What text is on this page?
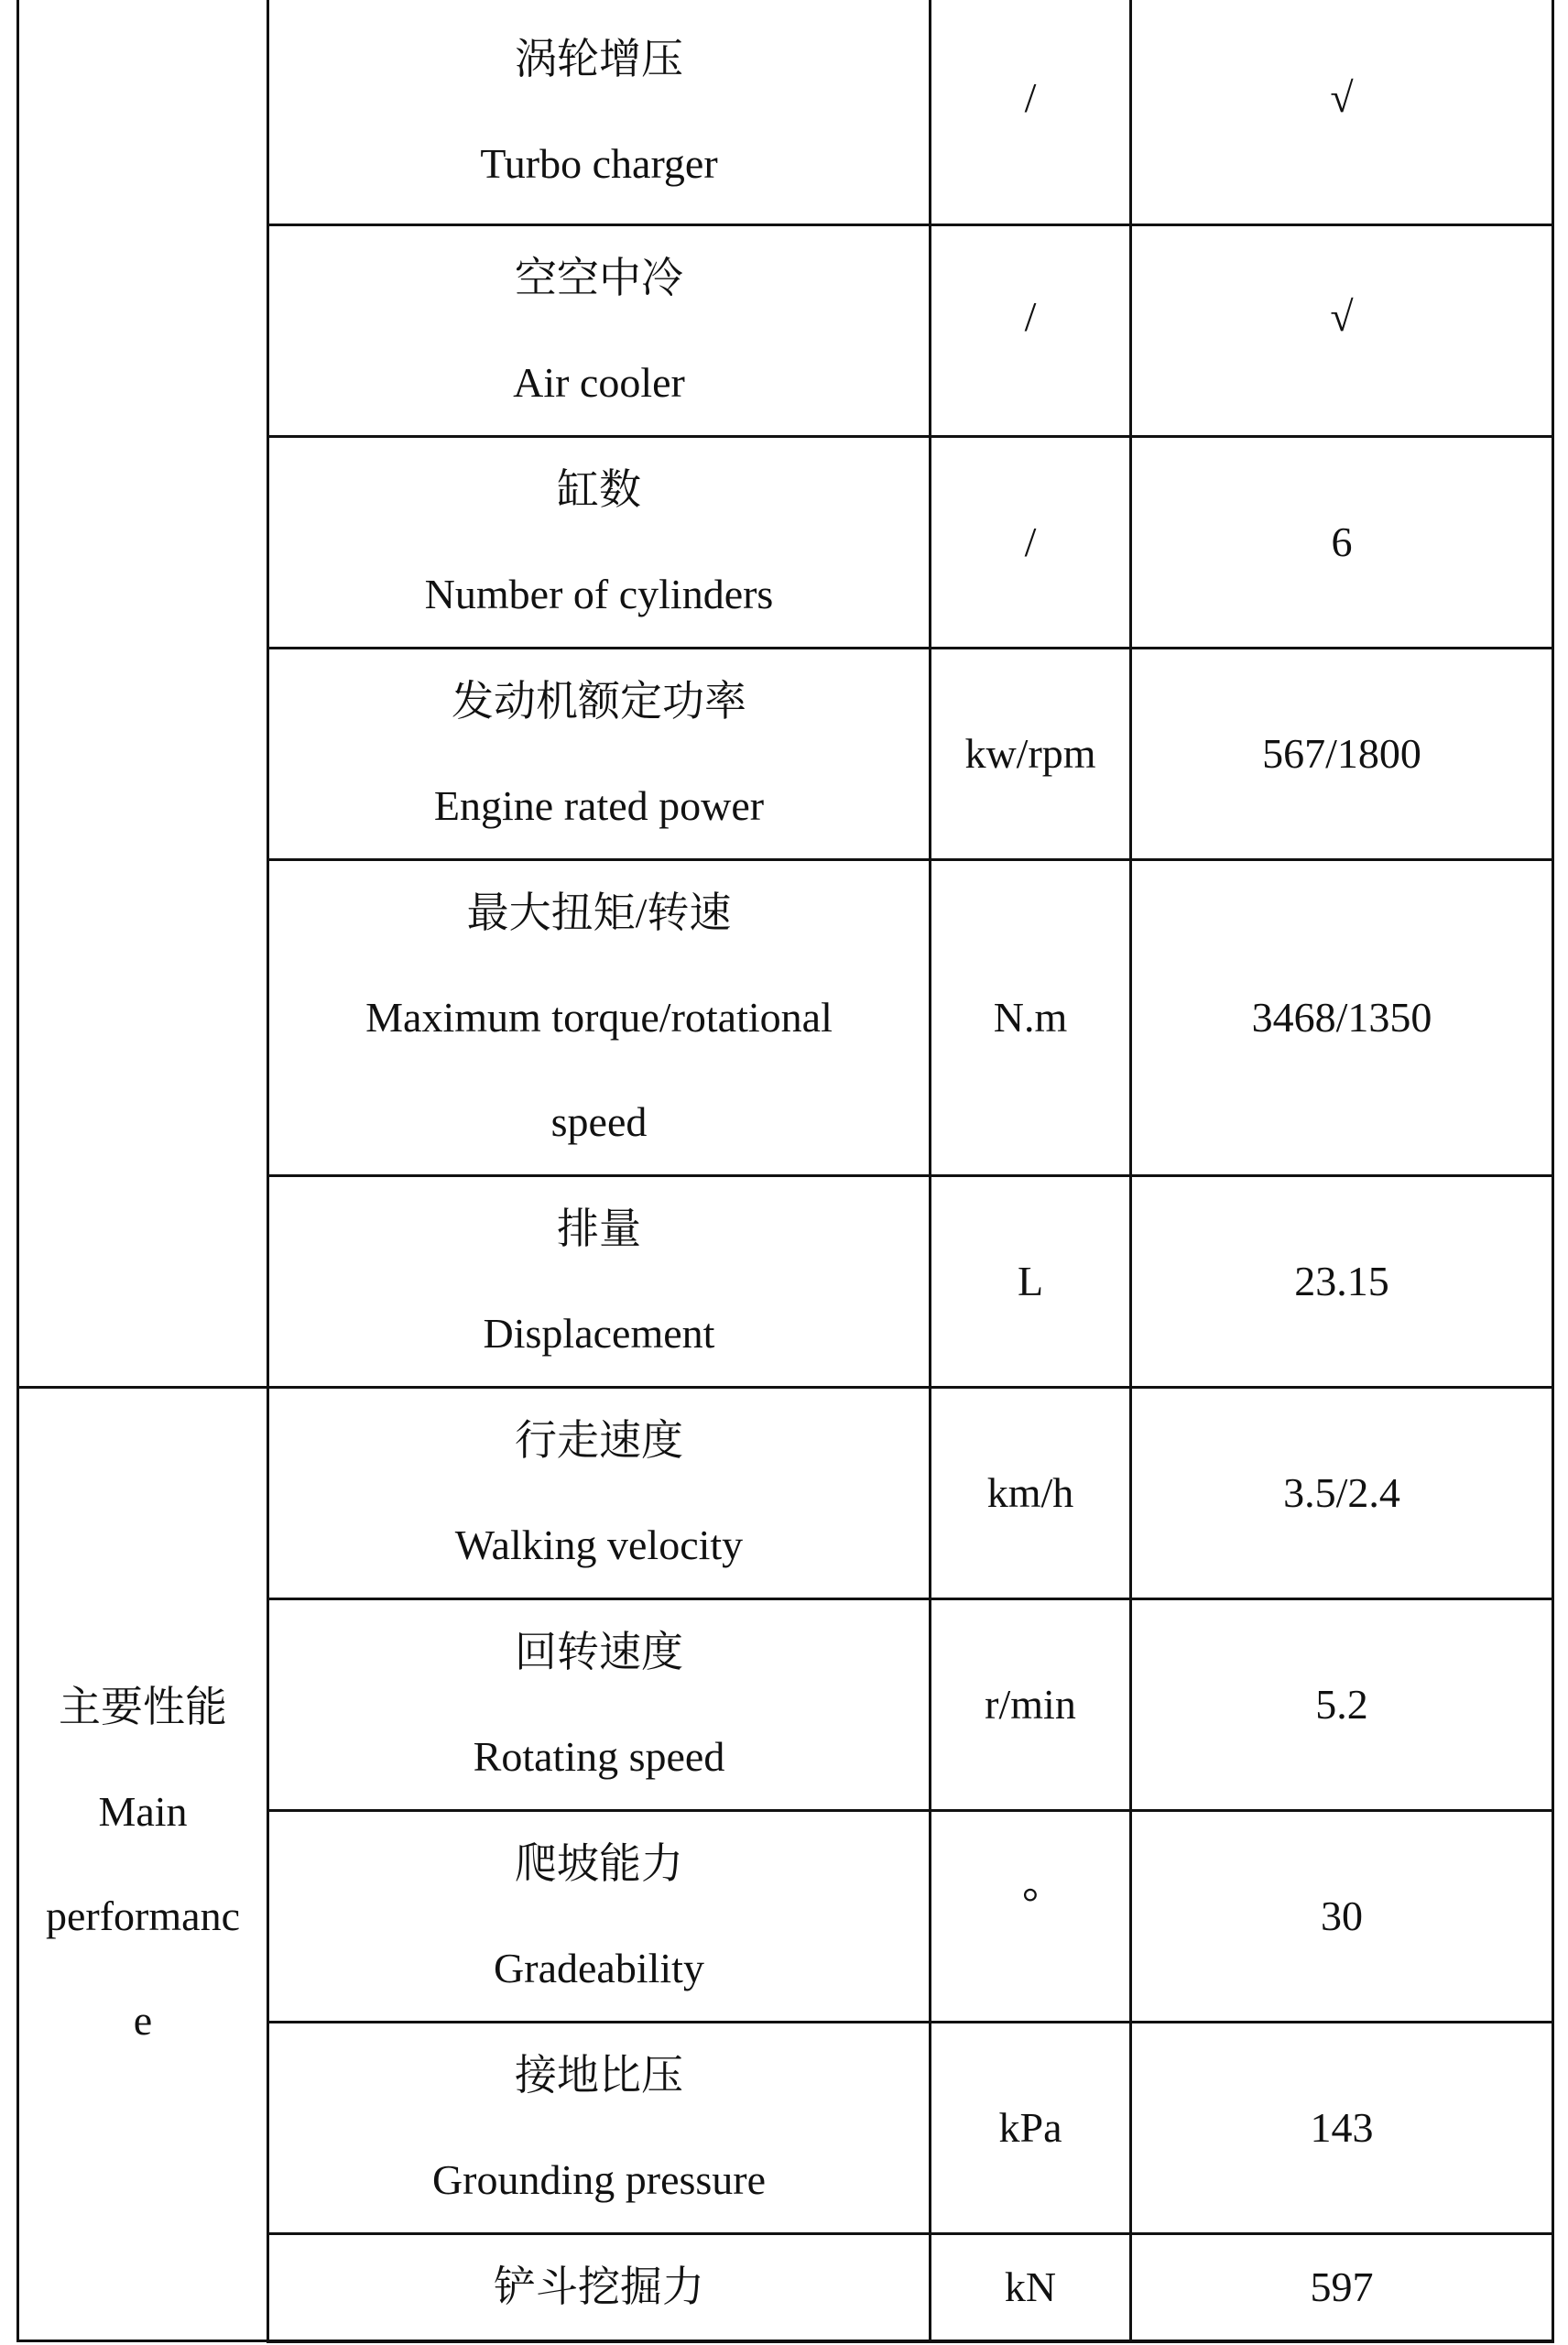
	涡轮增压
Turbo charger	/	√

	空空中冷
Air cooler	/	√

	缸数
Number of cylinders	/	6

	发动机额定功率
Engine rated power	kw/rpm	567/1800

	最大扭矩/转速
Maximum torque/rotational
speed	N.m	3468/1350

	排量
Displacement	L	23.15

主要性能
Main
performanc
e	行走速度
Walking velocity	km/h	3.5/2.4

	回转速度
Rotating speed	r/min	5.2

	爬坡能力
Gradeability	°	30

	接地比压
Grounding pressure	kPa	143

	铲斗挖掘力	kN	597
